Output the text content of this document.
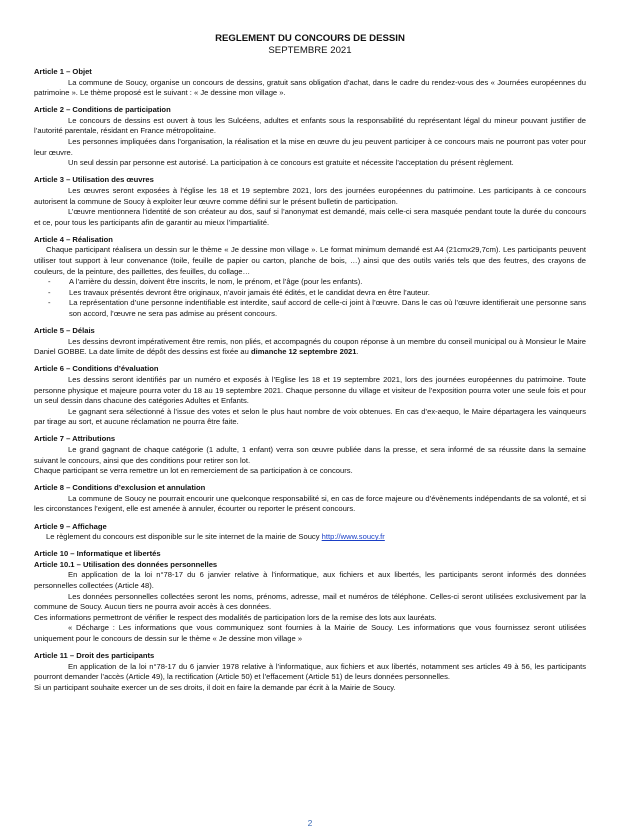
REGLEMENT DU CONCOURS DE DESSIN
SEPTEMBRE 2021

Article 1 – Objet

La commune de Soucy, organise un concours de dessins, gratuit sans obligation d’achat, dans le cadre du rendez-vous des « Journées européennes du patrimoine ». Le thème proposé est le suivant : « Je dessine mon village ».

Article 2 – Conditions de participation

Le concours de dessins est ouvert à tous les Sulcéens, adultes et enfants sous la responsabilité du représentant légal du mineur pouvant justifier de l’autorité parentale, résidant en France métropolitaine.

Les personnes impliquées dans l’organisation, la réalisation et la mise en œuvre du jeu peuvent participer à ce concours mais ne pourront pas voter pour leur œuvre.

Un seul dessin par personne est autorisé. La participation à ce concours est gratuite et nécessite l’acceptation du présent règlement.

Article 3 – Utilisation des œuvres

Les œuvres seront exposées à l’église les 18 et 19 septembre 2021, lors des journées européennes du patrimoine. Les participants à ce concours autorisent la commune de Soucy à exploiter leur œuvre comme défini sur le présent bulletin de participation.

L’œuvre mentionnera l’identité de son créateur au dos, sauf si l’anonymat est demandé, mais celle-ci sera masquée pendant toute la durée du concours et ce, pour tous les participants afin de garantir au mieux l’impartialité.

Article 4 – Réalisation

Chaque participant réalisera un dessin sur le thème « Je dessine mon village ». Le format minimum demandé est A4 (21cmx29,7cm). Les participants peuvent utiliser tout support à leur convenance (toile, feuille de papier ou carton, planche de bois, …) ainsi que des outils variés tels que des feutres, des crayons de couleurs, de la peinture, des paillettes, des feuilles, du collage…

- A l’arrière du dessin, doivent être inscrits, le nom, le prénom, et l’âge (pour les enfants).
- Les travaux présentés devront être originaux, n’avoir jamais été édités, et le candidat devra en être l’auteur.
- La représentation d’une personne indentifiable est interdite, sauf accord de celle-ci joint à l’œuvre. Dans le cas où l’œuvre identifierait une personne sans son accord, l’œuvre ne sera pas admise au présent concours.

Article 5 – Délais

Les dessins devront impérativement être remis, non pliés, et accompagnés du coupon réponse à un membre du conseil municipal ou à Monsieur le Maire Daniel GOBBE. La date limite de dépôt des dessins est fixée au dimanche 12 septembre 2021.

Article 6 – Conditions d’évaluation

Les dessins seront identifiés par un numéro et exposés à l’Eglise les 18 et 19 septembre 2021, lors des journées européennes du patrimoine. Toute personne physique et majeure pourra voter du 18 au 19 septembre 2021. Chaque personne du village et visiteur de l’exposition pourra voter une seule fois et pour un seul dessin dans chacune des catégories Adultes et Enfants.

Le gagnant sera sélectionné à l’issue des votes et selon le plus haut nombre de voix obtenues. En cas d’ex-aequo, le Maire départagera les vainqueurs par tirage au sort, et aucune réclamation ne pourra être faite.

Article 7 – Attributions

Le grand gagnant de chaque catégorie (1 adulte, 1 enfant) verra son œuvre publiée dans la presse, et sera informé de sa réussite dans la semaine suivant le concours, ainsi que des conditions pour retirer son lot.

Chaque participant se verra remettre un lot en remerciement de sa participation à ce concours.

Article 8 – Conditions d’exclusion et annulation

La commune de Soucy ne pourrait encourir une quelconque responsabilité si, en cas de force majeure ou d’évènements indépendants de sa volonté, et si les circonstances l’exigent, elle est amenée à annuler, écourter ou reporter le présent concours.

Article 9 – Affichage

Le règlement du concours est disponible sur le site internet de la mairie de Soucy http://www.soucy.fr

Article 10 – Informatique et libertés

Article 10.1 – Utilisation des données personnelles

En application de la loi n°78-17 du 6 janvier relative à l’informatique, aux fichiers et aux libertés, les participants seront informés des données personnelles collectées (Article 48).

Les données personnelles collectées seront les noms, prénoms, adresse, mail et numéros de téléphone. Celles-ci seront utilisées exclusivement par la commune de Soucy. Aucun tiers ne pourra avoir accès à ces données.

Ces informations permettront de vérifier le respect des modalités de participation lors de la remise des lots aux lauréats.

« Décharge : Les informations que vous communiquez sont fournies à la Mairie de Soucy. Les informations que vous fournissez seront utilisées uniquement pour le concours de dessin sur le thème « Je dessine mon village »

Article 11 – Droit des participants

En application de la loi n°78-17 du 6 janvier 1978 relative à l’informatique, aux fichiers et aux libertés, notamment ses articles 49 à 56, les participants pourront demander l’accès (Article 49), la rectification (Article 50) et l’effacement (Article 51) de leurs données personnelles.

Si un participant souhaite exercer un de ses droits, il doit en faire la demande par écrit à la Mairie de Soucy.

2
